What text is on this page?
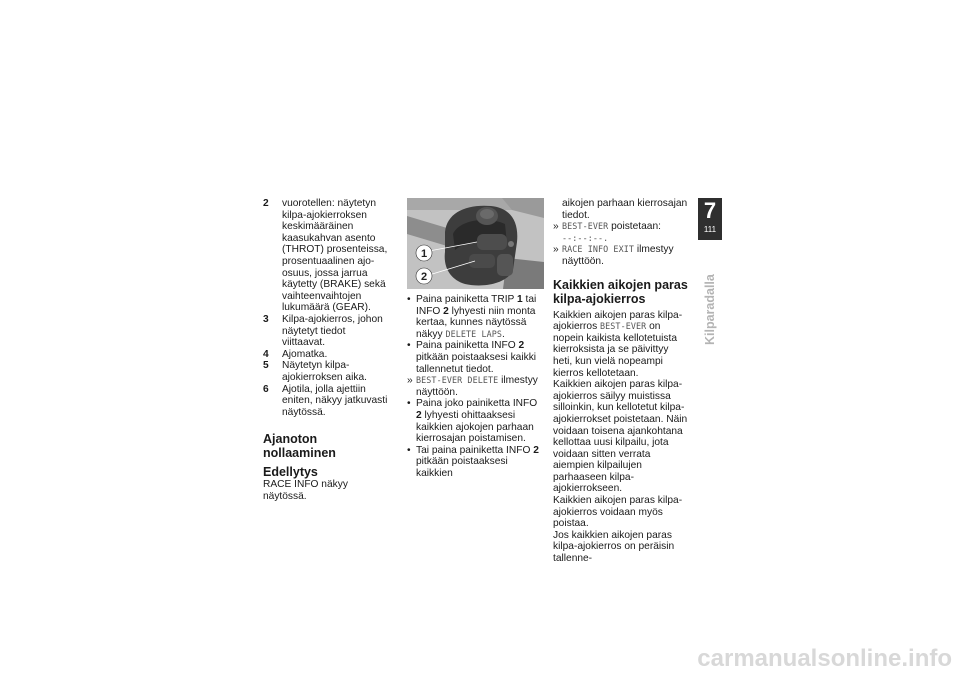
2	vuorotellen: näytetyn kilpa-ajokierroksen keskimääräinen kaasukahvan asento (THROT) prosenteissa, prosentuaalinen ajo-osuus, jossa jarrua käytetty (BRAKE) sekä vaihteenvaihtojen lukumäärä (GEAR).
3	Kilpa-ajokierros, johon näytetyt tiedot viittaavat.
4	Ajomatka.
5	Näytetyn kilpa-ajokierroksen aika.
6	Ajotila, jolla ajettiin eniten, näkyy jatkuvasti näytössä.
Ajanoton nollaaminen
Edellytys
RACE INFO näkyy näytössä.
1
2
• Paina painiketta TRIP 1 tai INFO 2 lyhyesti niin monta kertaa, kunnes näytössä näkyy DELETE LAPS.
• Paina painiketta INFO 2 pitkään poistaaksesi kaikki tallennetut tiedot.
» BEST-EVER DELETE ilmestyy näyttöön.
• Paina joko painiketta INFO 2 lyhyesti ohittaaksesi kaikkien ajokojen parhaan kierrosajan poistamisen.
• Tai paina painiketta INFO 2 pitkään poistaaksesi kaikkien
aikojen parhaan kierrosajan tiedot.
» BEST-EVER poistetaan:
--:--:--.
» RACE INFO EXIT ilmestyy näyttöön.
Kaikkien aikojen paras kilpa-ajokierros
Kaikkien aikojen paras kilpa-ajokierros BEST-EVER on nopein kaikista kellotetuista kierroksista ja se päivittyy heti, kun vielä nopeampi kierros kellotetaan.
Kaikkien aikojen paras kilpa-ajokierros säilyy muistissa silloinkin, kun kellotetut kilpa-ajokierrokset poistetaan. Näin voidaan toisena ajankohtana kellottaa uusi kilpailu, jota voidaan sitten verrata aiempien kilpailujen parhaaseen kilpa-ajokierrokseen.
Kaikkien aikojen paras kilpa-ajokierros voidaan myös poistaa.
Jos kaikkien aikojen paras kilpa-ajokierros on peräisin tallenne-
7
111
Kilparadalla
carmanualsonline.info
